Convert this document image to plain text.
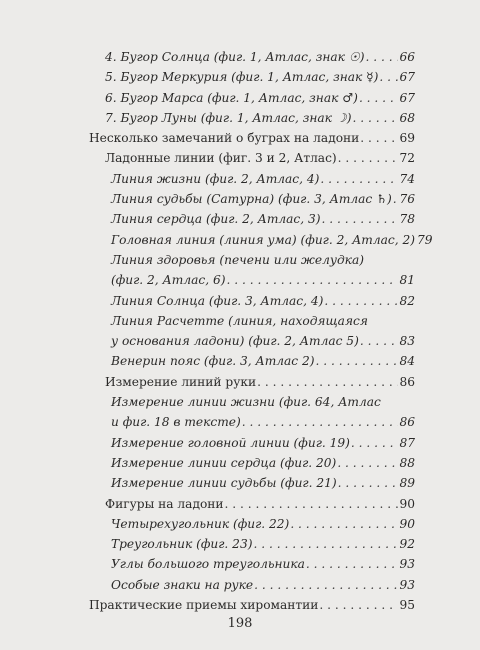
4. Бугор Солнца (фиг. 1, Атлас, знак ☉) . . .	66
5. Бугор Меркурия (фиг. 1, Атлас, знак ☿) . . . 67
6. Бугор Марса (фиг. 1, Атлас, знак ♂) . . .	67
7. Бугор Луны (фиг. 1, Атлас, знак ☽) . . .	68
Несколько замечаний о буграх на ладони . . .	69
Ладонные линии (фиг. 3 и 2, Атлас) . . .	72
Линия жизни (фиг. 2, Атлас, 4) . . .	74
Линия судьбы (Сатурна) (фиг. 3, Атлас ♄) . . . 76
Линия сердца (фиг. 2, Атлас, 3) . . .	78
Головная линия (линия ума) (фиг. 2, Атлас, 2) 79
Линия здоровья (печени или желудка)
(фиг. 2, Атлас, 6) . . .	81
Линия Солнца (фиг. 3, Атлас, 4) . . .	82
Линия Расчетте (линия, находящаяся
у основания ладони) (фиг. 2, Атлас 5) . . .	83
Венерин пояс (фиг. 3, Атлас 2) . . .	84
Измерение линий руки . . .	86
Измерение линии жизни (фиг. 64, Атлас
и фиг. 18 в тексте) . . .	86
Измерение головной линии (фиг. 19) . . .	87
Измерение линии сердца (фиг. 20) . . .	88
Измерение линии судьбы (фиг. 21) . . .	89
Фигуры на ладони . . .	90
Четырехугольник (фиг. 22) . . .	90
Треугольник (фиг. 23) . . .	92
Углы большого треугольника . . .	93
Особые знаки на руке . . .	93
Практические приемы хиромантии . . .	95
198
